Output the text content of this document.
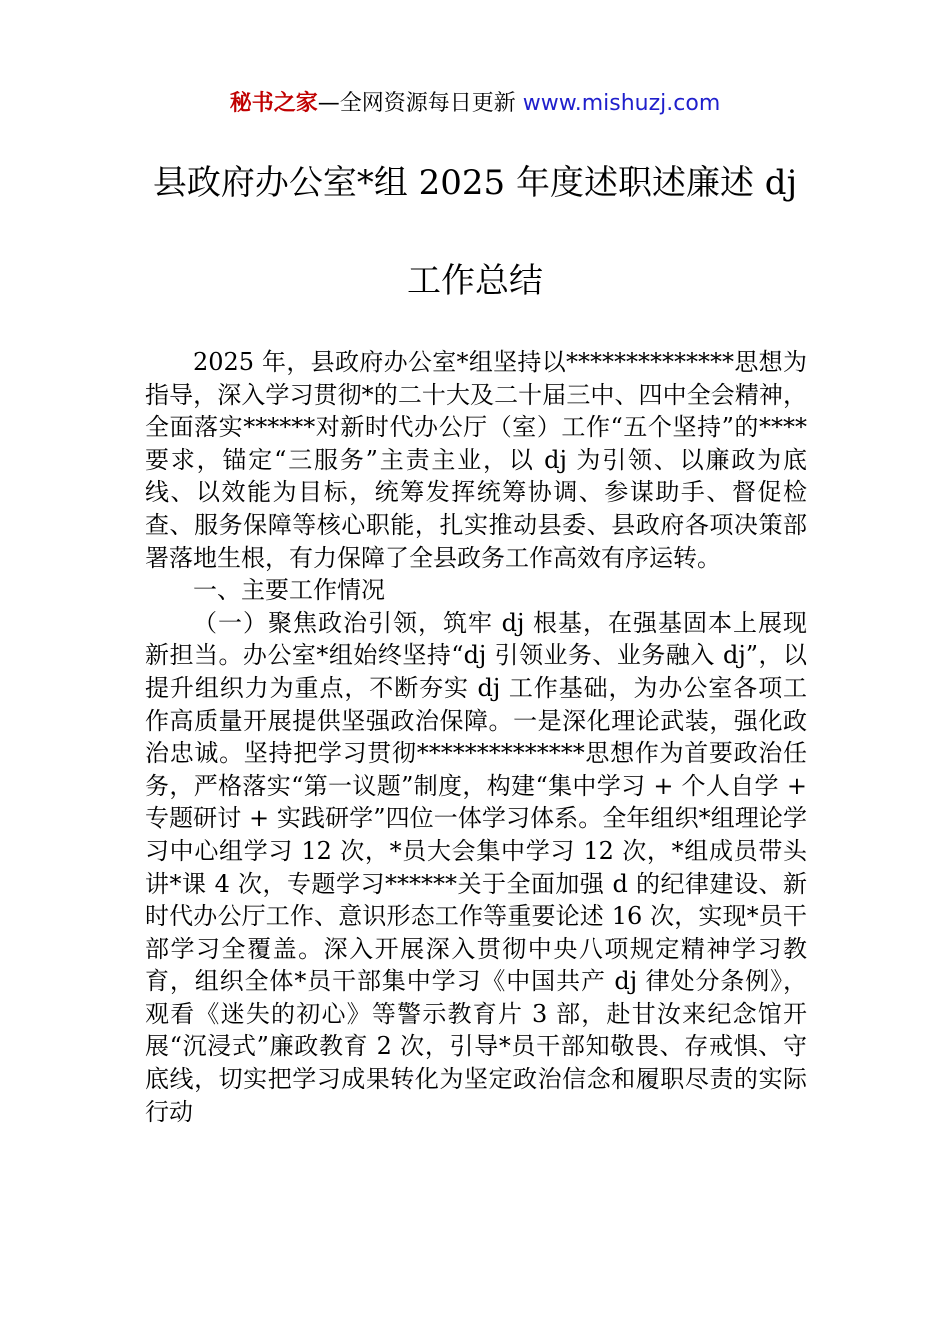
秘书之家—全网资源每日更新 www.mishuzj.com
县政府办公室*组 2025 年度述职述廉述 dj
工作总结

2025 年，县政府办公室*组坚持以**************思想为指导，深入学习贯彻*的二十大及二十届三中、四中全会精神，全面落实******对新时代办公厅（室）工作“五个坚持”的****要求，锚定“三服务”主责主业，以 dj 为引领、以廉政为底线、以效能为目标，统筹发挥统筹协调、参谋助手、督促检查、服务保障等核心职能，扎实推动县委、县政府各项决策部署落地生根，有力保障了全县政务工作高效有序运转。

一、主要工作情况

（一）聚焦政治引领，筑牢 dj 根基，在强基固本上展现新担当。办公室*组始终坚持“dj 引领业务、业务融入 dj”，以提升组织力为重点，不断夯实 dj 工作基础，为办公室各项工作高质量开展提供坚强政治保障。一是深化理论武装，强化政治忠诚。坚持把学习贯彻**************思想作为首要政治任务，严格落实“第一议题”制度，构建“集中学习 + 个人自学 + 专题研讨 + 实践研学”四位一体学习体系。全年组织*组理论学习中心组学习 12 次，*员大会集中学习 12 次，*组成员带头讲*课 4 次，专题学习******关于全面加强 d 的纪律建设、新时代办公厅工作、意识形态工作等重要论述 16 次，实现*员干部学习全覆盖。深入开展深入贯彻中央八项规定精神学习教育，组织全体*员干部集中学习《中国共产 dj 律处分条例》，观看《迷失的初心》等警示教育片 3 部，赴甘汝来纪念馆开展“沉浸式”廉政教育 2 次，引导*员干部知敬畏、存戒惧、守底线，切实把学习成果转化为坚定政治信念和履职尽责的实际行动
